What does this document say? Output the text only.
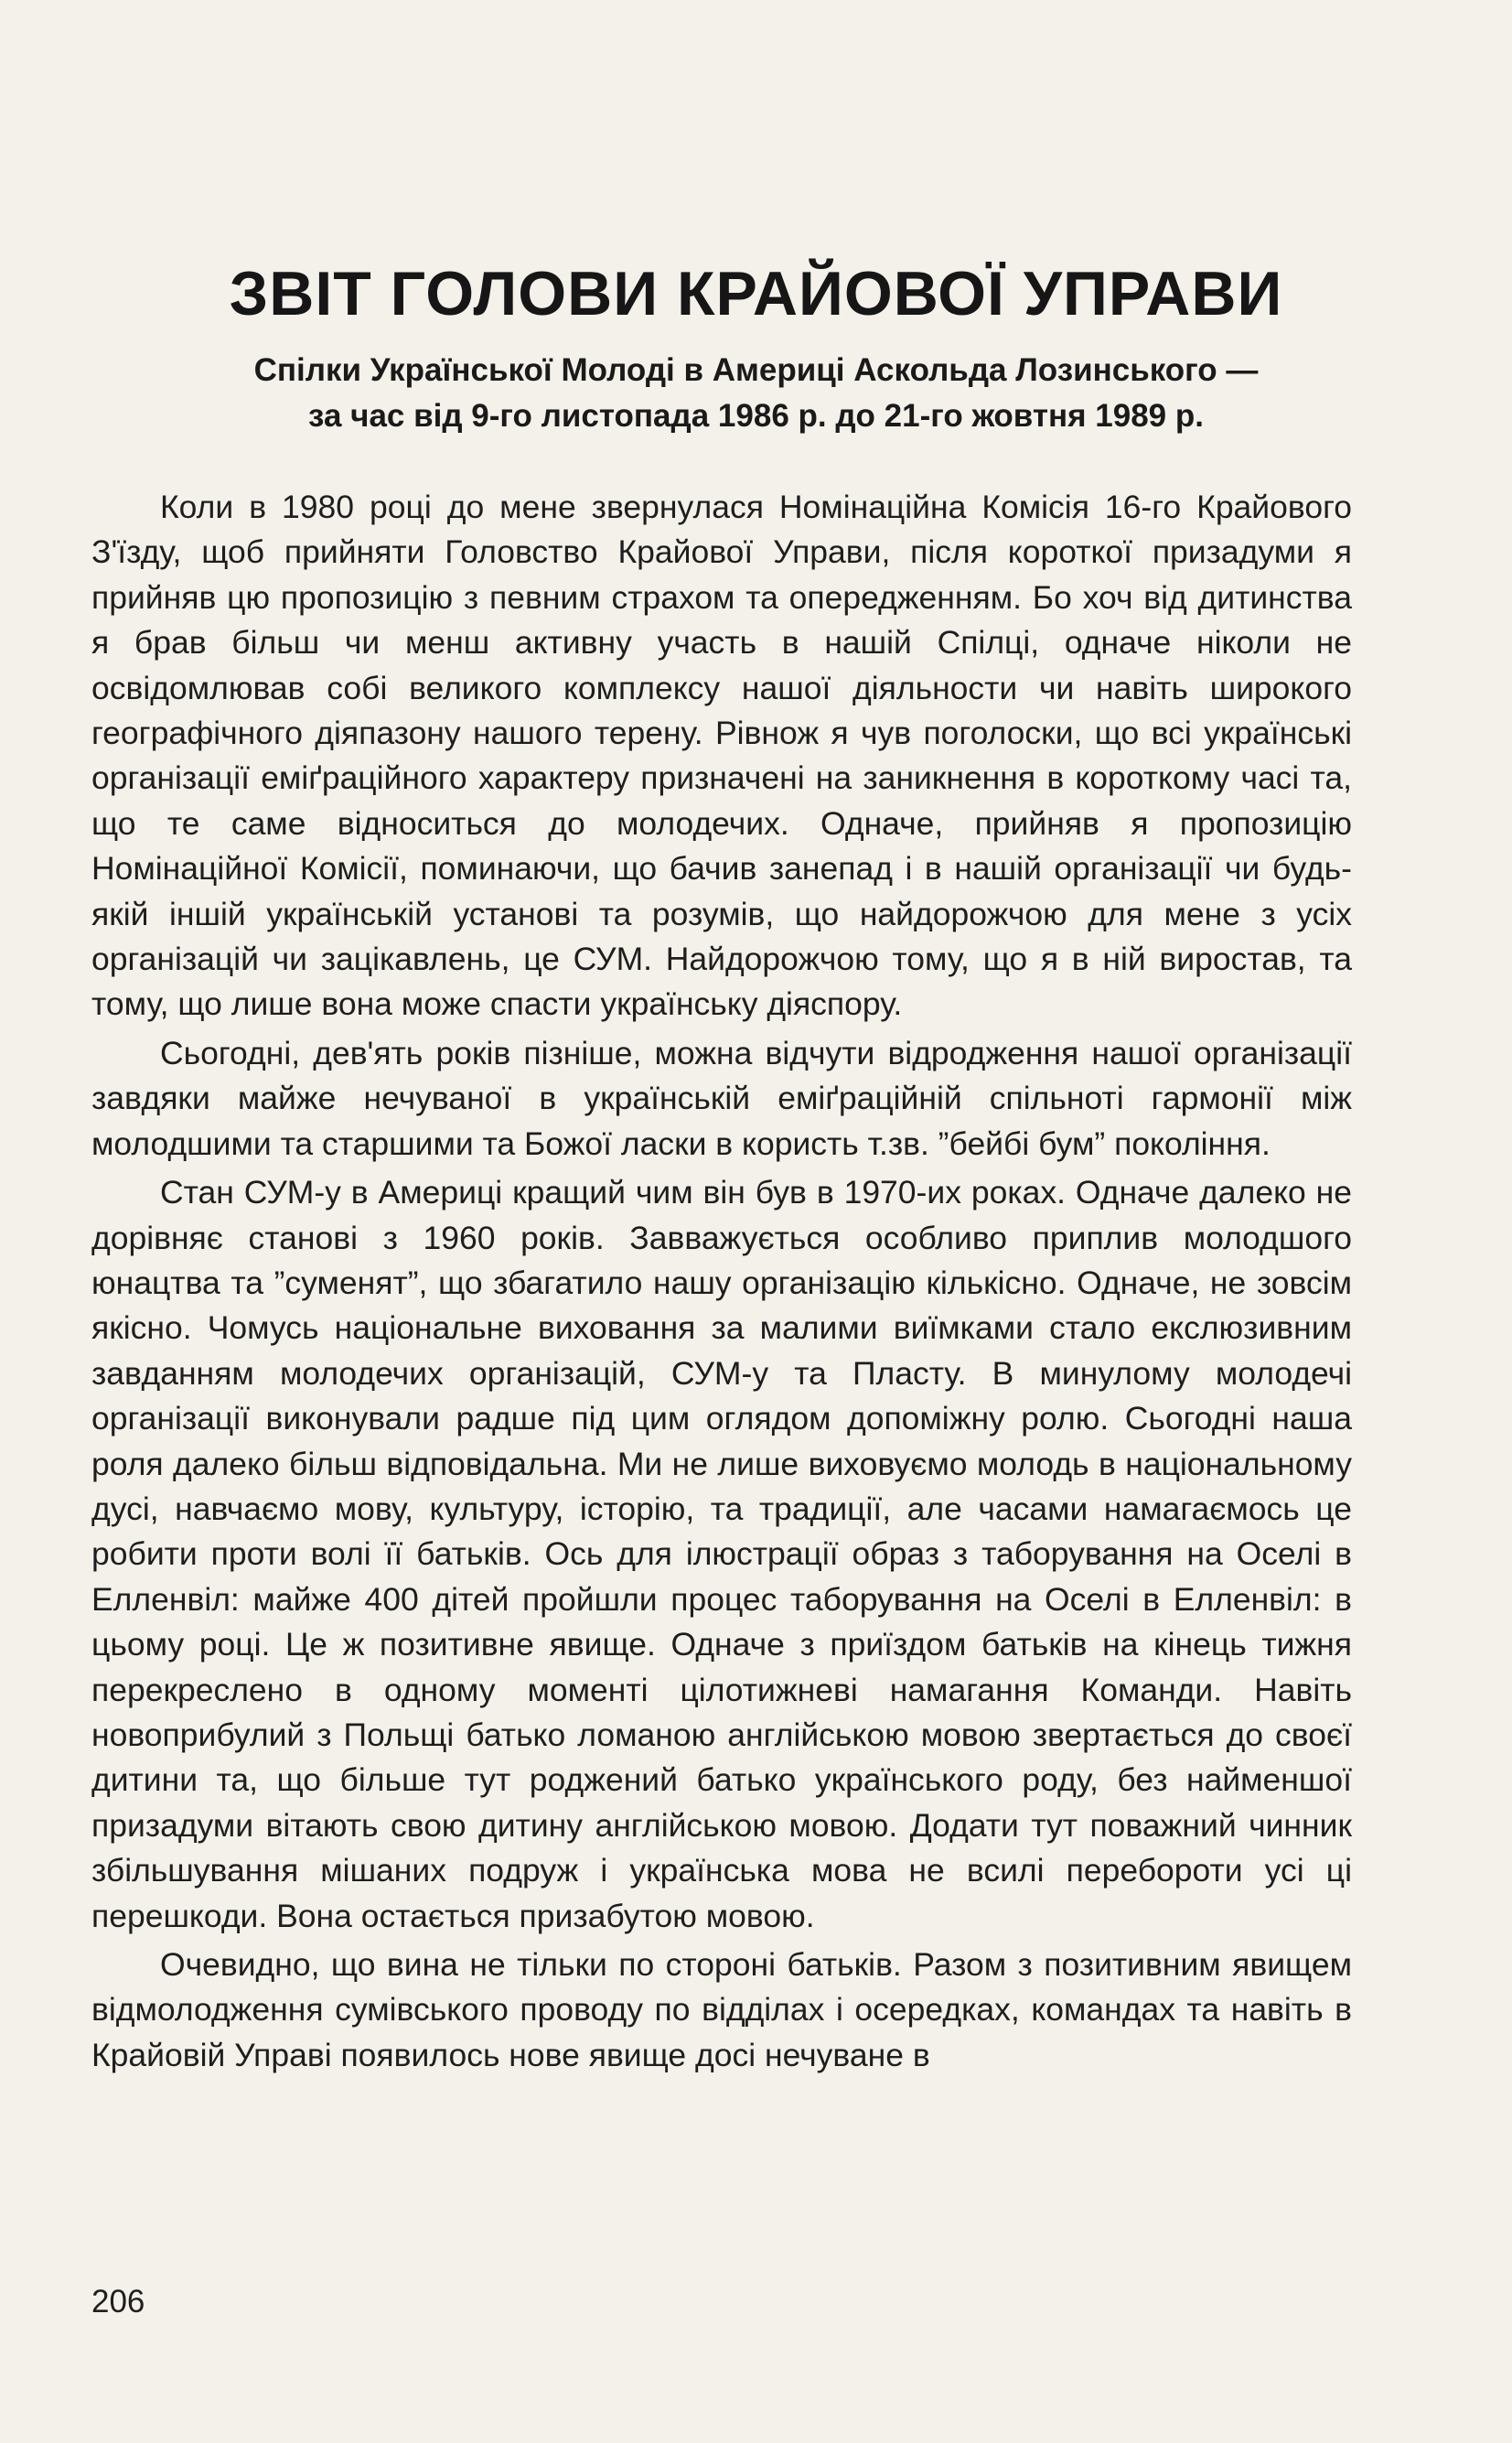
ЗВІТ ГОЛОВИ КРАЙОВОЇ УПРАВИ
Спілки Української Молоді в Америці Аскольда Лозинського —
за час від 9-го листопада 1986 р. до 21-го жовтня 1989 р.

Коли в 1980 році до мене звернулася Номінаційна Комісія 16-го Крайового З'їзду, щоб прийняти Головство Крайової Управи, після короткої призадуми я прийняв цю пропозицію з певним страхом та опередженням. Бо хоч від дитинства я брав більш чи менш активну участь в нашій Спілці, одначе ніколи не освідомлював собі великого комплексу нашої діяльности чи навіть широкого географічного діяпазону нашого терену. Рівнож я чув поголоски, що всі українські організації еміґраційного характеру призначені на заникнення в короткому часі та, що те саме відноситься до молодечих. Одначе, прийняв я пропозицію Номінаційної Комісії, поминаючи, що бачив занепад і в нашій організації чи будь-якій іншій українській установі та розумів, що найдорожчою для мене з усіх організацій чи зацікавлень, це СУМ. Найдорожчою тому, що я в ній виростав, та тому, що лише вона може спасти українську діяспору.

Сьогодні, дев'ять років пізніше, можна відчути відродження нашої організації завдяки майже нечуваної в українській еміґраційній спільноті гармонії між молодшими та старшими та Божої ласки в користь т.зв. ”бейбі бум” покоління.

Стан СУМ-у в Америці кращий чим він був в 1970-их роках. Одначе далеко не дорівняє станові з 1960 років. Завважується особливо приплив молодшого юнацтва та ”суменят”, що збагатило нашу організацію кількісно. Одначе, не зовсім якісно. Чомусь національне виховання за малими виїмками стало екслюзивним завданням молодечих організацій, СУМ-у та Пласту. В минулому молодечі організації виконували радше під цим оглядом допоміжну ролю. Сьогодні наша роля далеко більш відповідальна. Ми не лише виховуємо молодь в національному дусі, навчаємо мову, культуру, історію, та традиції, але часами намагаємось це робити проти волі її батьків. Ось для ілюстрації образ з таборування на Оселі в Елленвіл: майже 400 дітей пройшли процес таборування на Оселі в Елленвіл: в цьому році. Це ж позитивне явище. Одначе з приїздом батьків на кінець тижня перекреслено в одному моменті цілотижневі намагання Команди. Навіть новоприбулий з Польщі батько ломаною англійською мовою звертається до своєї дитини та, що більше тут роджений батько українського роду, без найменшої призадуми вітають свою дитину англійською мовою. Додати тут поважний чинник збільшування мішаних подруж і українська мова не всилі перебороти усі ці перешкоди. Вона остається призабутою мовою.

Очевидно, що вина не тільки по стороні батьків. Разом з позитивним явищем відмолодження сумівського проводу по відділах і осередках, командах та навіть в Крайовій Управі появилось нове явище досі нечуване в

206
